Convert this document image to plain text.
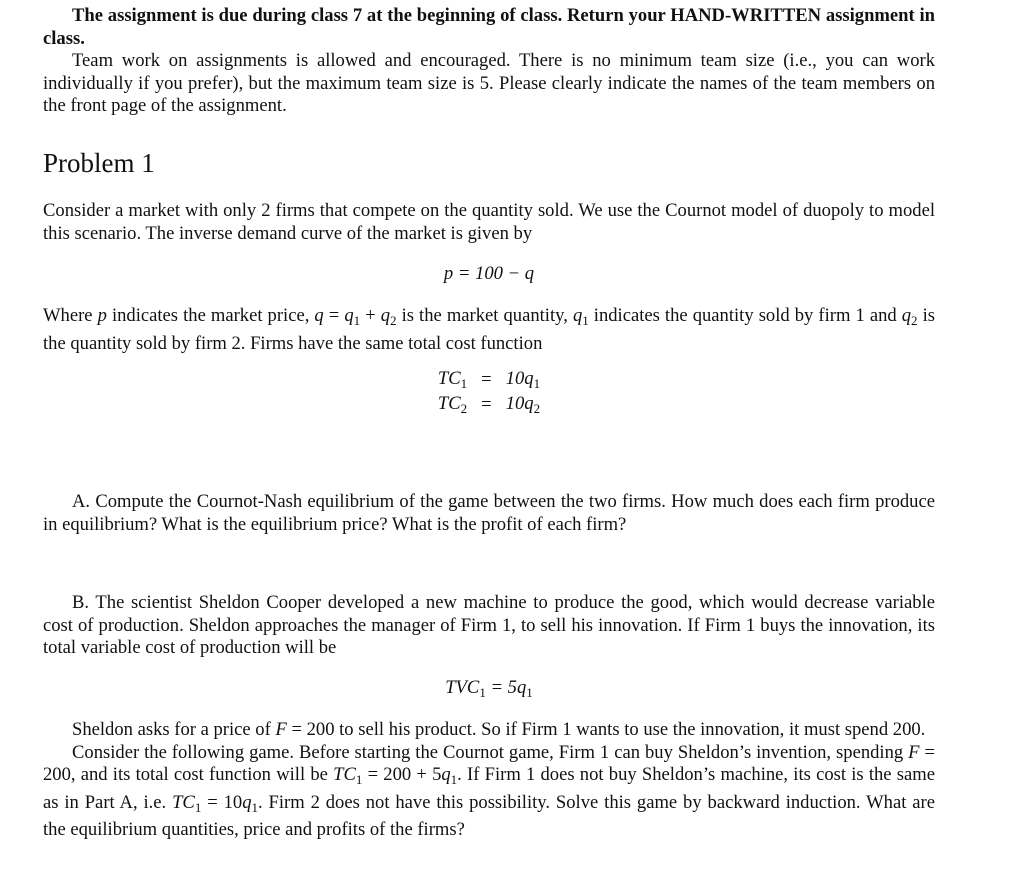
The assignment is due during class 7 at the beginning of class. Return your HAND-WRITTEN assignment in class.

Team work on assignments is allowed and encouraged. There is no minimum team size (i.e., you can work individually if you prefer), but the maximum team size is 5. Please clearly indicate the names of the team members on the front page of the assignment.

Problem 1

Consider a market with only 2 firms that compete on the quantity sold. We use the Cournot model of duopoly to model this scenario. The inverse demand curve of the market is given by

p = 100 − q

Where p indicates the market price, $q = q_1 + q_2$ is the market quantity, $q_1$ indicates the quantity sold by firm 1 and $q_2$ is the quantity sold by firm 2. Firms have the same total cost function

$TC_1$	=	$10q_1$
$TC_2$	=	$10q_2$

A. Compute the Cournot-Nash equilibrium of the game between the two firms. How much does each firm produce in equilibrium? What is the equilibrium price? What is the profit of each firm?

B. The scientist Sheldon Cooper developed a new machine to produce the good, which would decrease variable cost of production. Sheldon approaches the manager of Firm 1, to sell his innovation. If Firm 1 buys the innovation, its total variable cost of production will be

$TVC_1 = 5q_1$

Sheldon asks for a price of F = 200 to sell his product. So if Firm 1 wants to use the innovation, it must spend 200.

Consider the following game. Before starting the Cournot game, Firm 1 can buy Sheldon’s invention, spending F = 200, and its total cost function will be $TC_1 = 200 + 5q_1$. If Firm 1 does not buy Sheldon’s machine, its cost is the same as in Part A, i.e. $TC_1 = 10q_1$. Firm 2 does not have this possibility. Solve this game by backward induction. What are the equilibrium quantities, price and profits of the firms?
